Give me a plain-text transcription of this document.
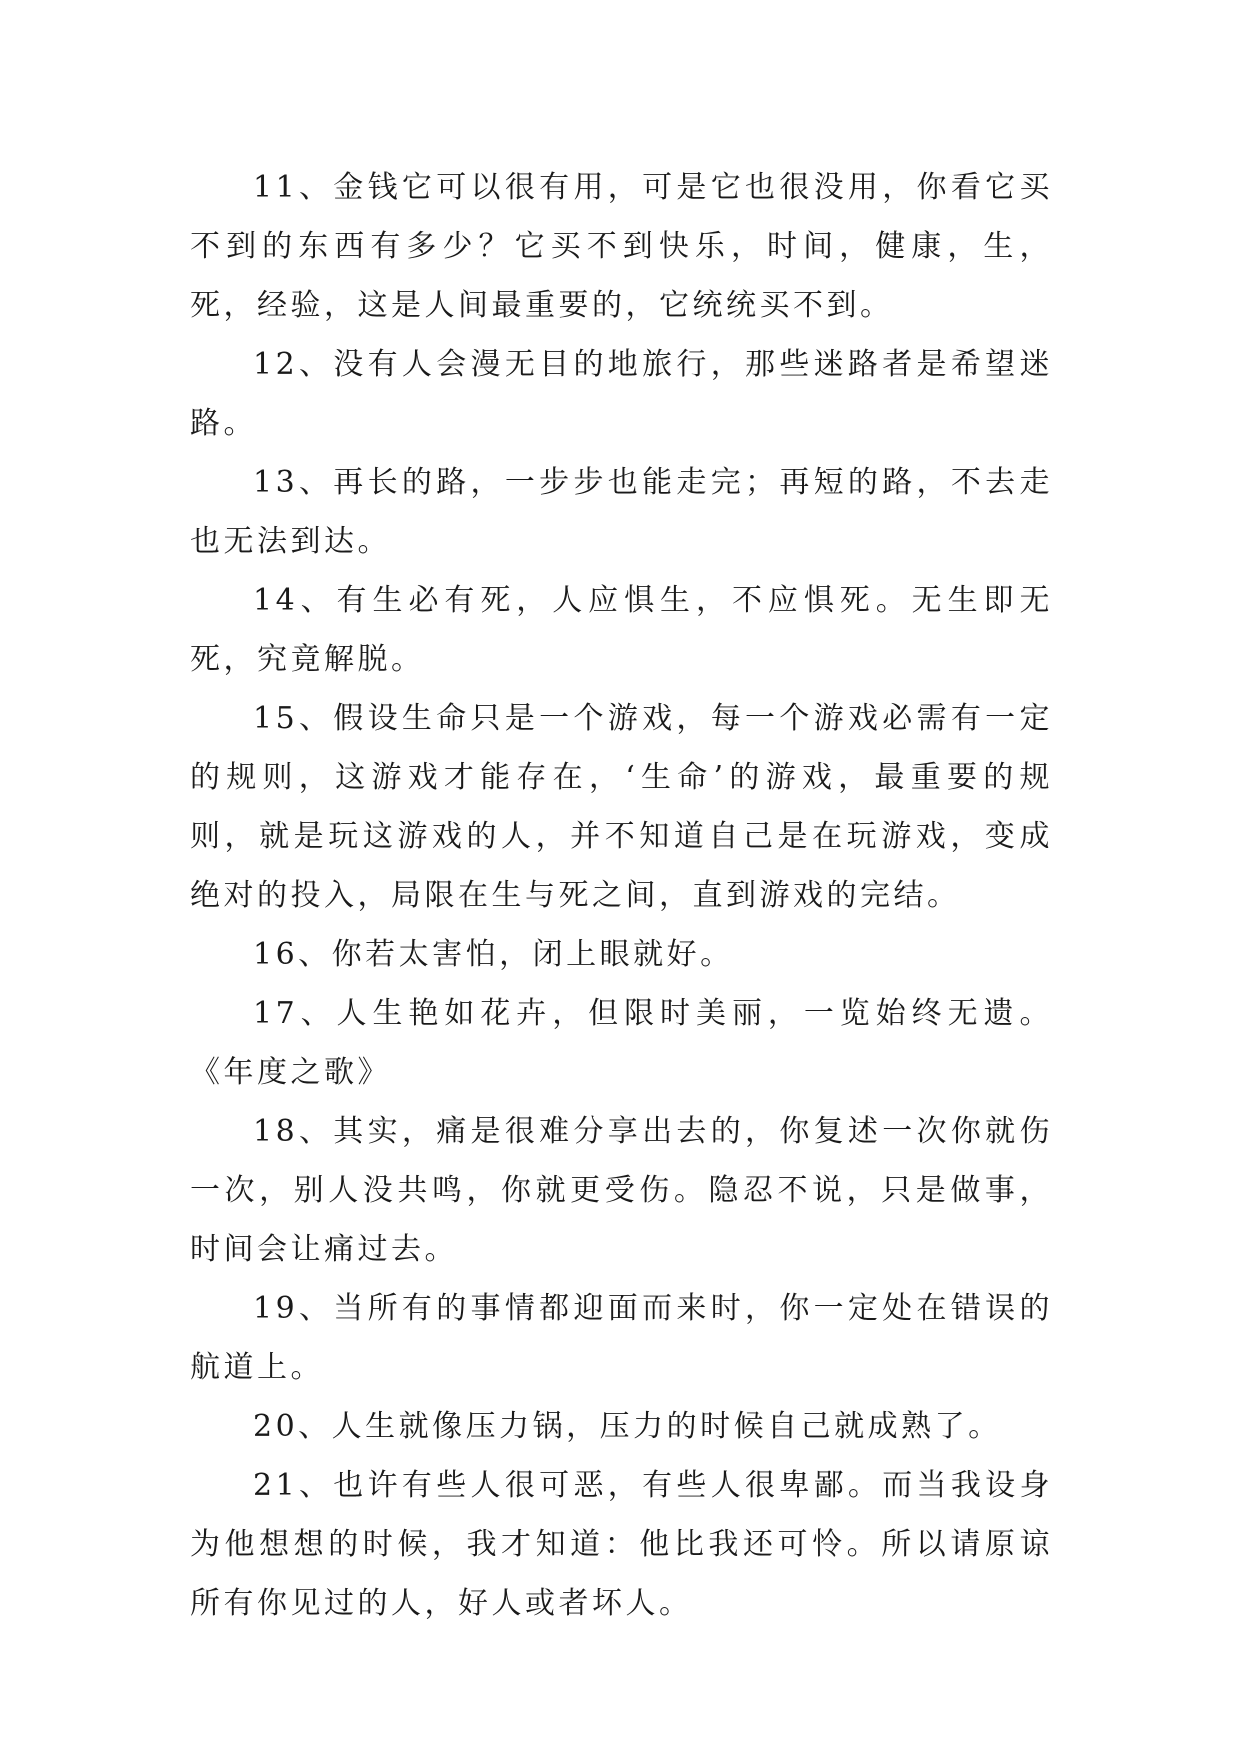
11、金钱它可以很有用，可是它也很没用，你看它买不到的东西有多少？它买不到快乐，时间，健康，生，死，经验，这是人间最重要的，它统统买不到。

12、没有人会漫无目的地旅行，那些迷路者是希望迷路。

13、再长的路，一步步也能走完；再短的路，不去走也无法到达。

14、有生必有死，人应惧生，不应惧死。无生即无死，究竟解脱。

15、假设生命只是一个游戏，每一个游戏必需有一定的规则，这游戏才能存在，‘生命’的游戏，最重要的规则，就是玩这游戏的人，并不知道自己是在玩游戏，变成绝对的投入，局限在生与死之间，直到游戏的完结。

16、你若太害怕，闭上眼就好。

17、人生艳如花卉，但限时美丽，一览始终无遗。《年度之歌》

18、其实，痛是很难分享出去的，你复述一次你就伤一次，别人没共鸣，你就更受伤。隐忍不说，只是做事，时间会让痛过去。

19、当所有的事情都迎面而来时，你一定处在错误的航道上。

20、人生就像压力锅，压力的时候自己就成熟了。

21、也许有些人很可恶，有些人很卑鄙。而当我设身为他想想的时候，我才知道：他比我还可怜。所以请原谅所有你见过的人，好人或者坏人。
